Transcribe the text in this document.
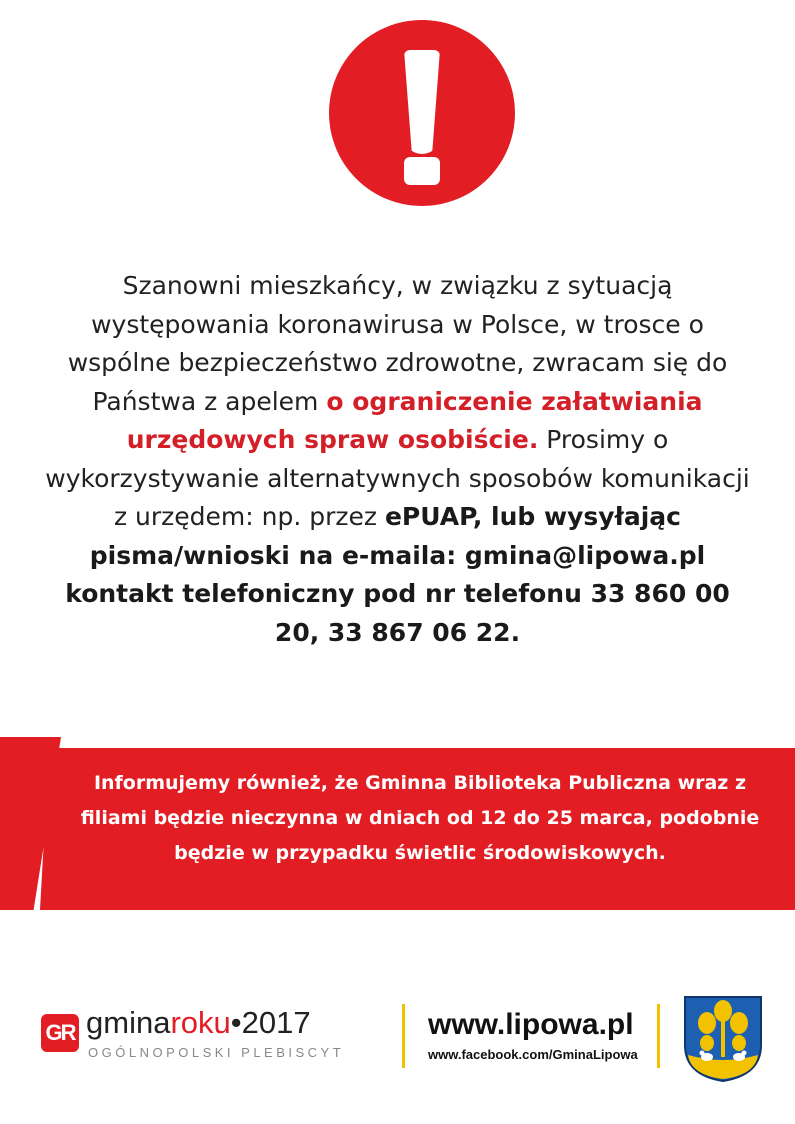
Szanowni mieszkańcy, w związku z sytuacją występowania koronawirusa w Polsce, w trosce o wspólne bezpieczeństwo zdrowotne, zwracam się do Państwa z apelem o ograniczenie załatwiania urzędowych spraw osobiście. Prosimy o wykorzystywanie alternatywnych sposobów komunikacji z urzędem: np. przez ePUAP, lub wysyłając pisma/wnioski na e-maila: gmina@lipowa.pl kontakt telefoniczny pod nr telefonu 33 860 00 20, 33 867 06 22.
Informujemy również, że Gminna Biblioteka Publiczna wraz z filiami będzie nieczynna w dniach od 12 do 25 marca, podobnie będzie w przypadku świetlic środowiskowych.
GR gminaroku•2017
OGÓLNOPOLSKI PLEBISCYT
www.lipowa.pl
www.facebook.com/GminaLipowa
